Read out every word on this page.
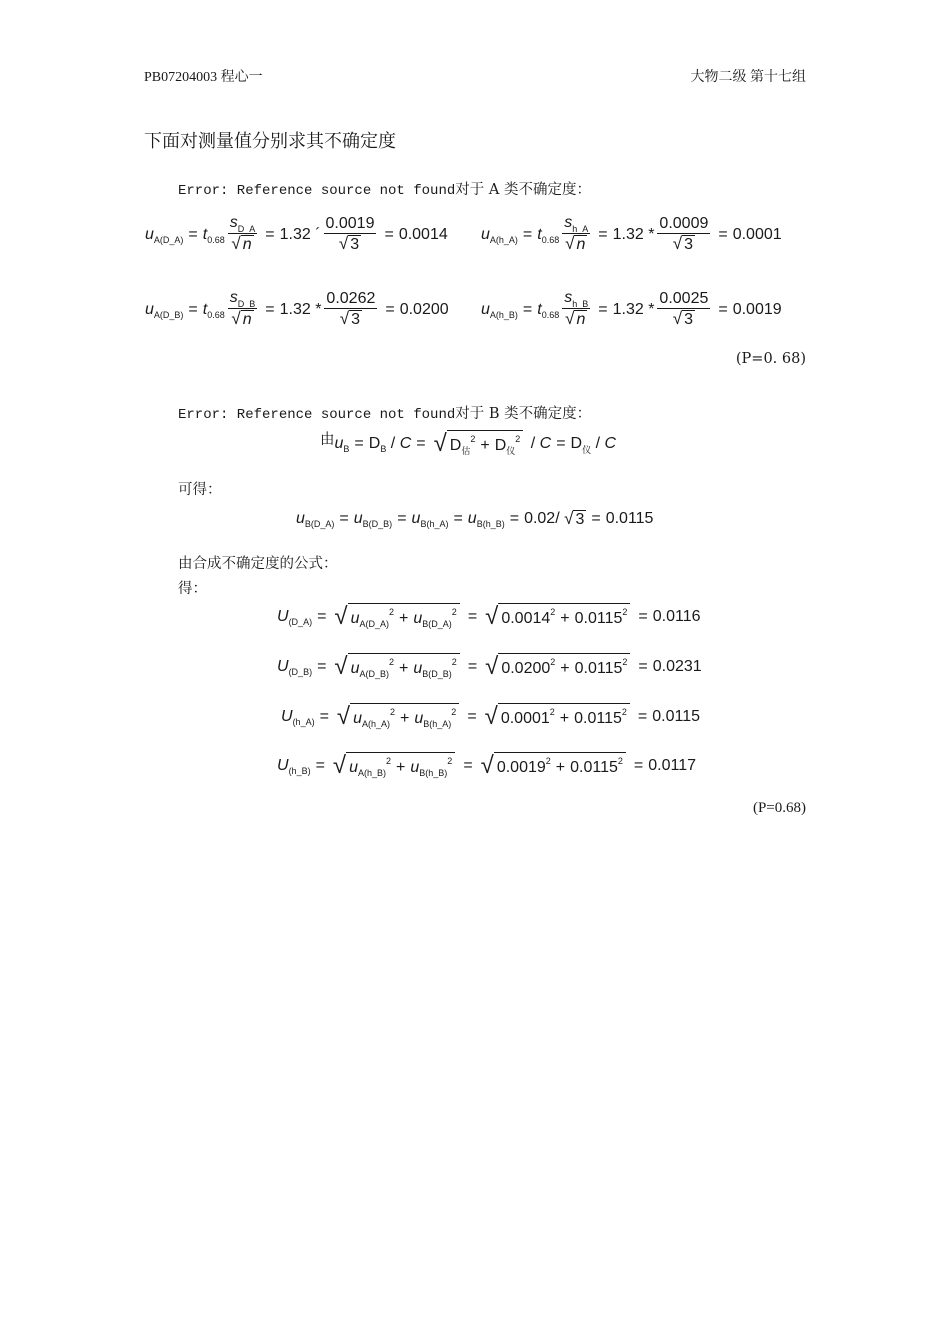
PB07204003 程心一	大物二级 第十七组
下面对测量值分别求其不确定度
Error: Reference source not found对于 A 类不确定度：
u A(D_A) = t $0.68 \frac{s_{D\_A}}{√ n} = 1.32$ ´ $\frac{0.0019}{√ 3} = 0.0014$ u A(h_A) = t $0.68 \frac{s_{h\_A}}{√ n} = 1.32 * \frac{0.0009}{√ 3} = 0.0001$
u A(D_B) = t $0.68 \frac{s_{D\_B}}{√ n} = 1.32 * \frac{0.0262}{√ 3} = 0.0200$ u A(h_B) = t $0.68 \frac{s_{h\_B}}{√ n} = 1.32 * \frac{0.0025}{√ 3} = 0.0019$
(P=0. 68)
Error: Reference source not found对于 B 类不确定度：
由 u B = D B / C = √ D 估
2 + D 仪
2 / C = D 仪 / C
可得：
u B(D_A) = u B(D_B) = u B(h_A) = u B(h_B) = 0.02/
√ 3 = 0.0115
由合成不确定度的公式：
得：
U (D_A) = √ u A(D_A)
2 + u B(D_A)
2 = √ 0.0014 2 + 0.0115 2 = 0.0116
U (D_B) = √ u A(D_B)
2 + u B(D_B)
2 = √ 0.0200 2 + 0.0115 2 = 0.0231
U (h_A) = √ u A(h_A)
2 + u B(h_A)
2 = √ 0.0001 2 + 0.0115 2 = 0.0115
U (h_B) = √ u A(h_B)
2 + u B(h_B)
2 = √ 0.0019 2 + 0.0115 2 = 0.0117
(P=0.68)
